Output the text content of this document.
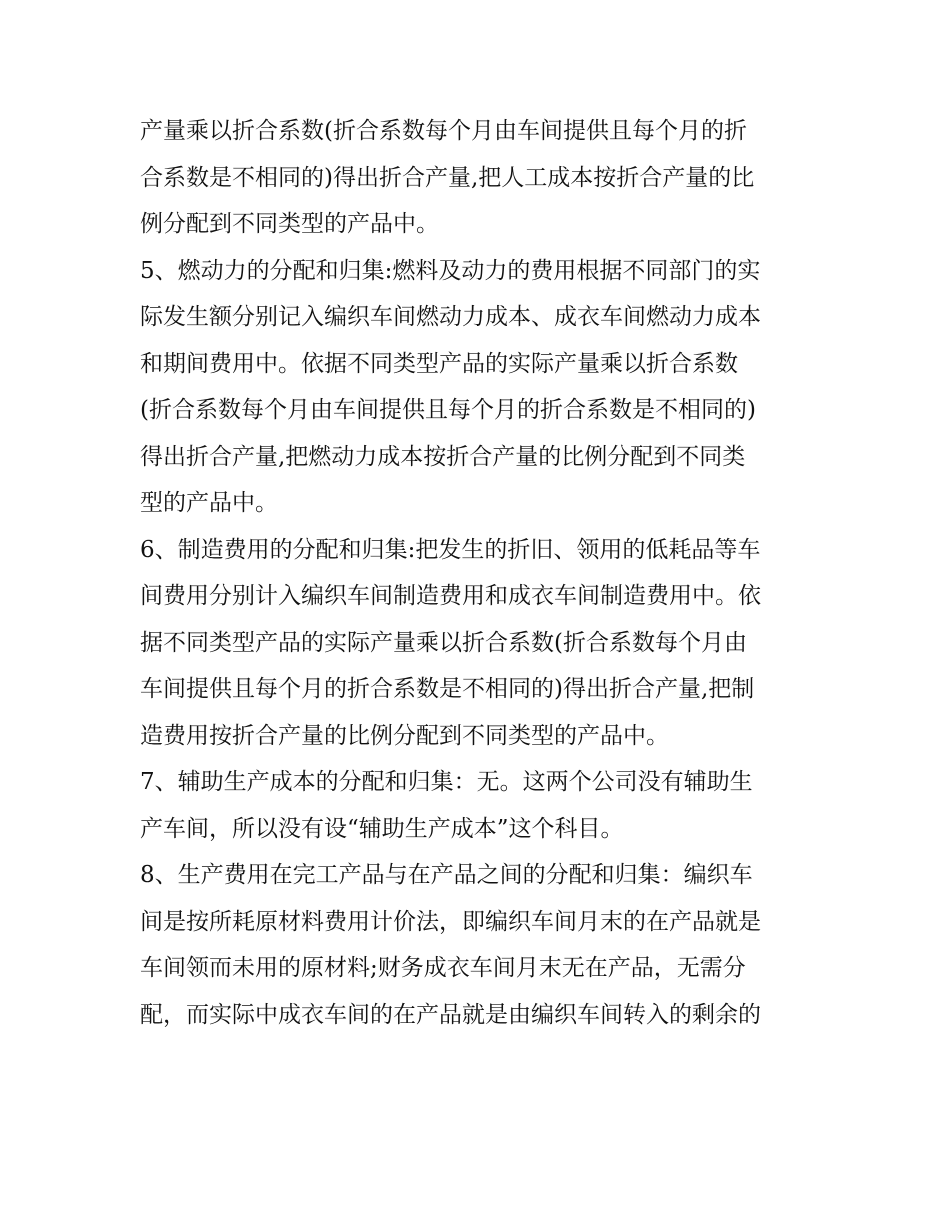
产量乘以折合系数(折合系数每个月由车间提供且每个月的折
合系数是不相同的)得出折合产量,把人工成本按折合产量的比
例分配到不同类型的产品中。
5、燃动力的分配和归集:燃料及动力的费用根据不同部门的实
际发生额分别记入编织车间燃动力成本、成衣车间燃动力成本
和期间费用中。依据不同类型产品的实际产量乘以折合系数
(折合系数每个月由车间提供且每个月的折合系数是不相同的)
得出折合产量,把燃动力成本按折合产量的比例分配到不同类
型的产品中。
6、制造费用的分配和归集:把发生的折旧、领用的低耗品等车
间费用分别计入编织车间制造费用和成衣车间制造费用中。依
据不同类型产品的实际产量乘以折合系数(折合系数每个月由
车间提供且每个月的折合系数是不相同的)得出折合产量,把制
造费用按折合产量的比例分配到不同类型的产品中。
7、辅助生产成本的分配和归集：无。这两个公司没有辅助生
产车间，所以没有设“辅助生产成本”这个科目。
8、生产费用在完工产品与在产品之间的分配和归集：编织车
间是按所耗原材料费用计价法，即编织车间月末的在产品就是
车间领而未用的原材料;财务成衣车间月末无在产品，无需分
配，而实际中成衣车间的在产品就是由编织车间转入的剩余的
